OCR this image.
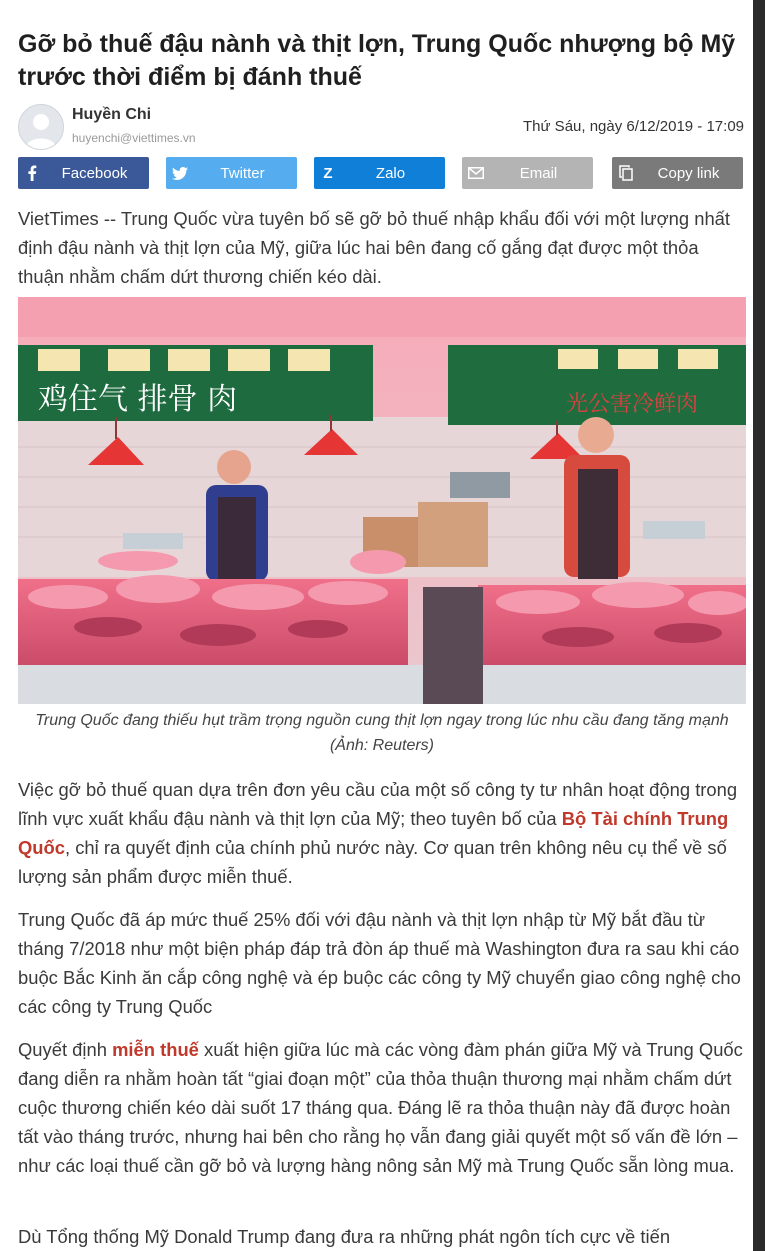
Gỡ bỏ thuế đậu nành và thịt lợn, Trung Quốc nhượng bộ Mỹ trước thời điểm bị đánh thuế
Huyền Chi
huyenchi@viettimes.vn
Thứ Sáu, ngày 6/12/2019 - 17:09
Facebook	Twitter	Z	Zalo	Email	Copy link

VietTimes -- Trung Quốc vừa tuyên bố sẽ gỡ bỏ thuế nhập khẩu đối với một lượng nhất định đậu nành và thịt lợn của Mỹ, giữa lúc hai bên đang cố gắng đạt được một thỏa thuận nhằm chấm dứt thương chiến kéo dài.

鸡住气 排骨 肉	光公害冷鲜肉
Trung Quốc đang thiếu hụt trầm trọng nguồn cung thịt lợn ngay trong lúc nhu cầu đang tăng mạnh (Ảnh: Reuters)

Việc gỡ bỏ thuế quan dựa trên đơn yêu cầu của một số công ty tư nhân hoạt động trong lĩnh vực xuất khẩu đậu nành và thịt lợn của Mỹ; theo tuyên bố của Bộ Tài chính Trung Quốc, chỉ ra quyết định của chính phủ nước này. Cơ quan trên không nêu cụ thể về số lượng sản phẩm được miễn thuế.

Trung Quốc đã áp mức thuế 25% đối với đậu nành và thịt lợn nhập từ Mỹ bắt đầu từ tháng 7/2018 như một biện pháp đáp trả đòn áp thuế mà Washington đưa ra sau khi cáo buộc Bắc Kinh ăn cắp công nghệ và ép buộc các công ty Mỹ chuyển giao công nghệ cho các công ty Trung Quốc

Quyết định miễn thuế xuất hiện giữa lúc mà các vòng đàm phán giữa Mỹ và Trung Quốc đang diễn ra nhằm hoàn tất “giai đoạn một” của thỏa thuận thương mại nhằm chấm dứt cuộc thương chiến kéo dài suốt 17 tháng qua. Đáng lẽ ra thỏa thuận này đã được hoàn tất vào tháng trước, nhưng hai bên cho rằng họ vẫn đang giải quyết một số vấn đề lớn – như các loại thuế cần gỡ bỏ và lượng hàng nông sản Mỹ mà Trung Quốc sẵn lòng mua.

Dù Tổng thống Mỹ Donald Trump đang đưa ra những phát ngôn tích cực về tiến
